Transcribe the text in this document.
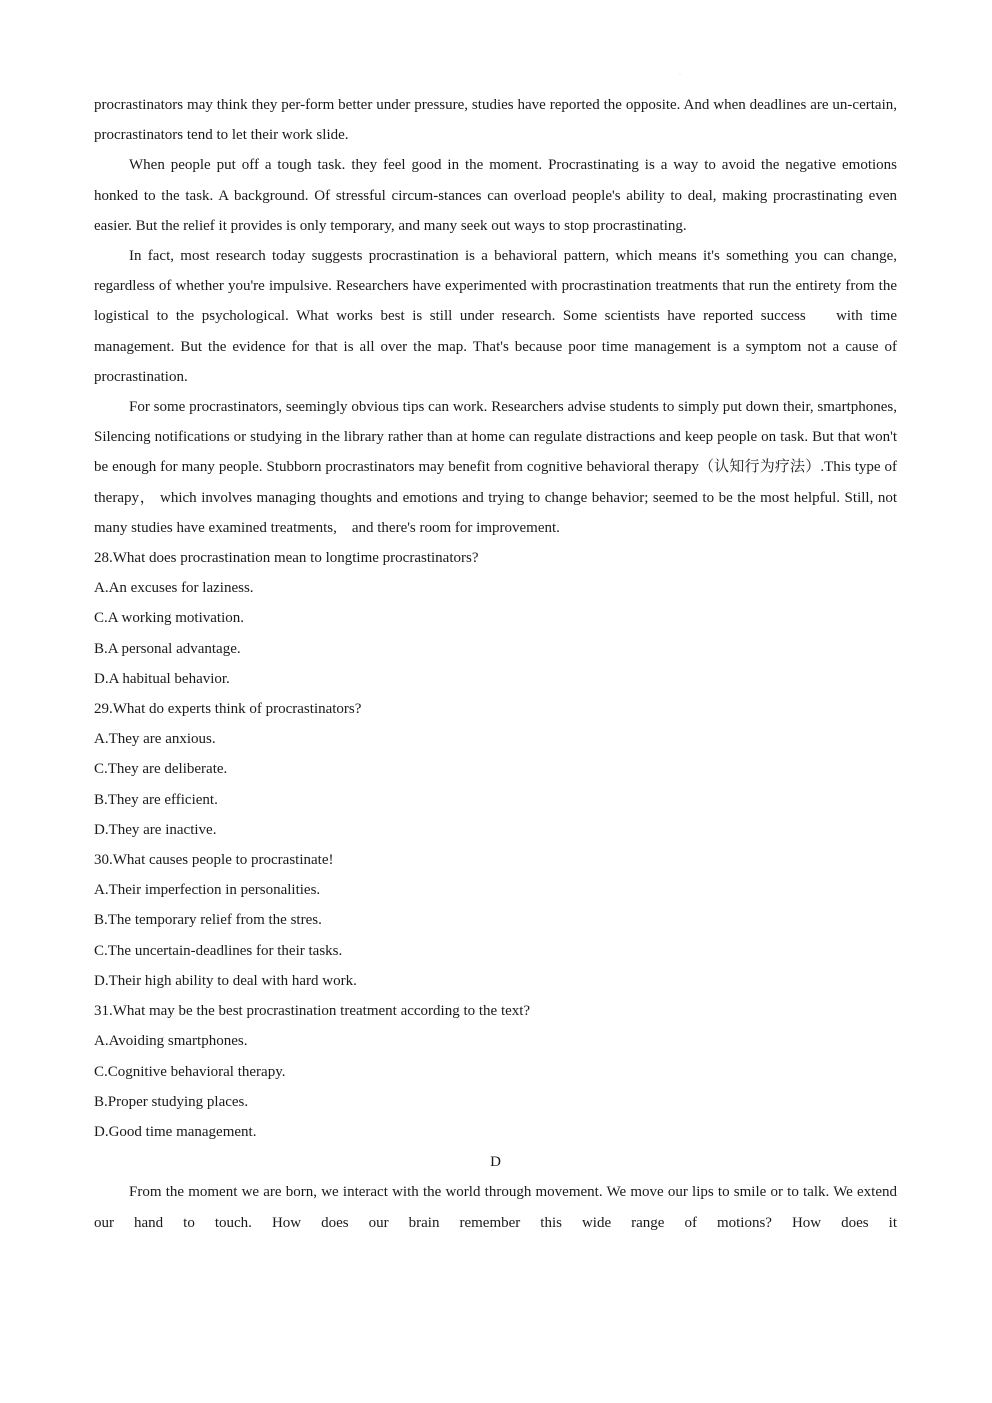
·

procrastinators may think they per-form better under pressure, studies have reported the opposite. And when deadlines are un-certain, procrastinators tend to let their work slide.

When people put off a tough task. they feel good in the moment. Procrastinating is a way to avoid the negative emotions honked to the task. A background. Of stressful circum-stances can overload people's ability to deal, making procrastinating even easier. But the relief it provides is only temporary, and many seek out ways to stop procrastinating.

In fact, most research today suggests procrastination is a behavioral pattern, which means it's something you can change, regardless of whether you're impulsive. Researchers have experimented with procrastination treatments that run the entirety from the logistical to the psychological. What works best is still under research. Some scientists have reported success    with time management. But the evidence for that is all over the map. That's because poor time management is a symptom not a cause of procrastination.

For some procrastinators, seemingly obvious tips can work. Researchers advise students to simply put down their, smartphones, Silencing notifications or studying in the library rather than at home can regulate distractions and keep people on task. But that won't be enough for many people. Stubborn procrastinators may benefit from cognitive behavioral therapy（认知行为疗法）.This type of therapy， which involves managing thoughts and emotions and trying to change behavior; seemed to be the most helpful. Still, not many studies have examined treatments,    and there's room for improvement.

28.What does procrastination mean to longtime procrastinators?

A.An excuses for laziness.

C.A working motivation.

B.A personal advantage.

D.A habitual behavior.

29.What do experts think of procrastinators?

A.They are anxious.

C.They are deliberate.

B.They are efficient.

D.They are inactive.

30.What causes people to procrastinate!

A.Their imperfection in personalities.

B.The temporary relief from the stres.

C.The uncertain-deadlines for their tasks.

D.Their high ability to deal with hard work.

31.What may be the best procrastination treatment according to the text?

A.Avoiding smartphones.

C.Cognitive behavioral therapy.

B.Proper studying places.

D.Good time management.

D

From the moment we are born, we interact with the world through movement. We move our lips to smile or to talk. We extend our hand to touch. How does our brain remember this wide range of motions? How does it
